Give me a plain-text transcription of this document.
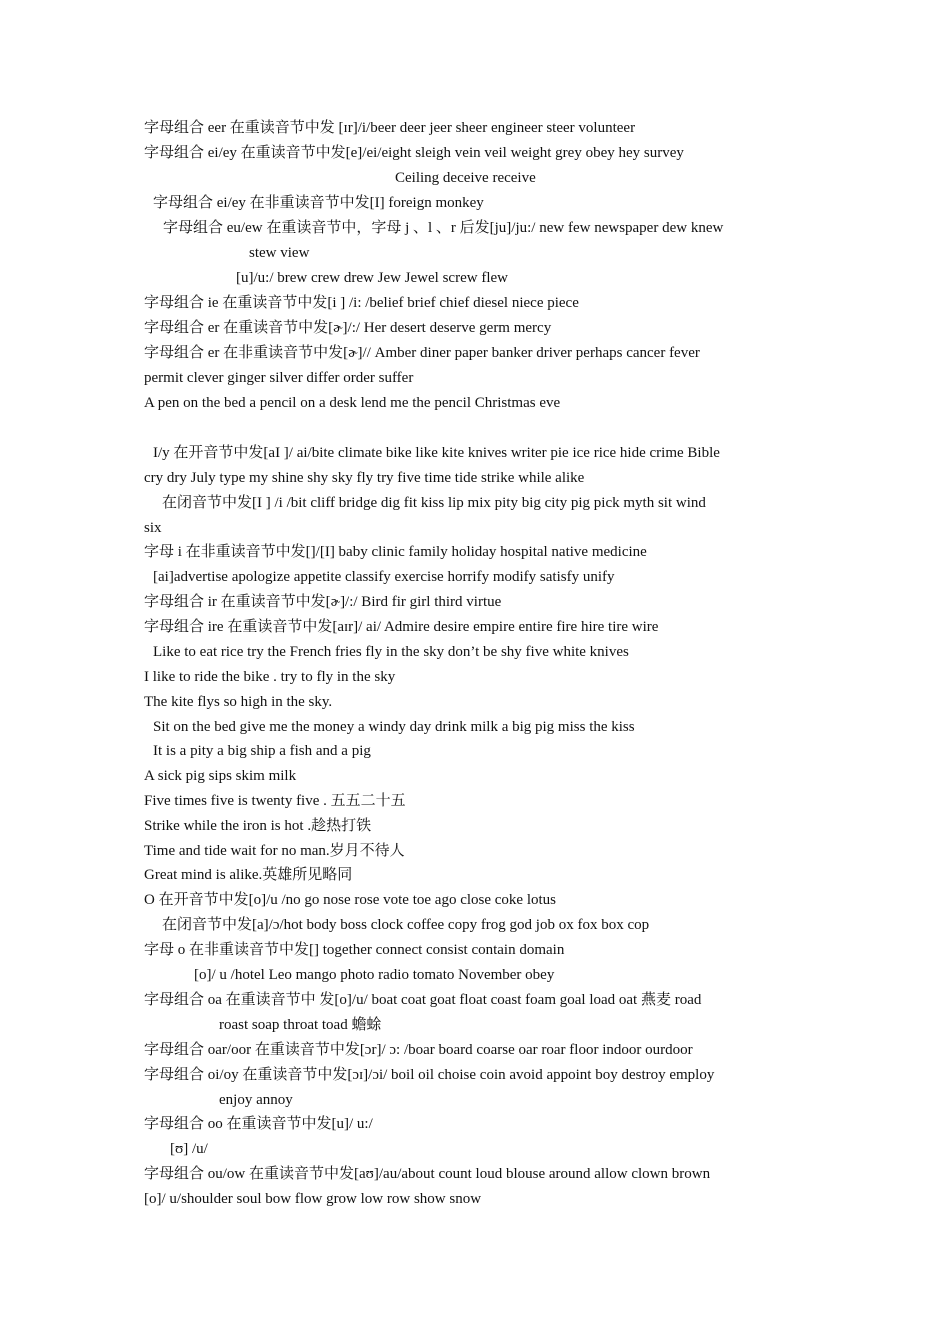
字母组合 eer 在重读音节中发 [ɪr]/i/beer deer jeer sheer engineer steer volunteer
字母组合 ei/ey 在重读音节中发[e]/ei/eight sleigh vein veil weight grey obey hey survey
Ceiling deceive receive
字母组合 ei/ey 在非重读音节中发[I] foreign monkey
字母组合 eu/ew 在重读音节中，字母 j 、l 、r 后发[ju]/ju:/ new few newspaper dew knew
stew view
[u]/u:/ brew crew drew Jew Jewel screw flew
字母组合 ie 在重读音节中发[i ] /i: /belief brief chief diesel niece piece
字母组合 er 在重读音节中发[ɚ]/:/ Her desert deserve germ mercy
字母组合 er 在非重读音节中发[ɚ]// Amber diner paper banker driver perhaps cancer fever
permit clever ginger silver differ order suffer
A pen on the bed a pencil on a desk lend me the pencil Christmas eve
I/y 在开音节中发[aI ]/ ai/bite climate bike like kite knives writer pie ice rice hide crime Bible
cry dry July type my shine shy sky fly try five time tide strike while alike
在闭音节中发[I ] /i /bit cliff bridge dig fit kiss lip mix pity big city pig pick myth sit wind
six
字母 i 在非重读音节中发[]/[I] baby clinic family holiday hospital native medicine
[ai]advertise apologize appetite classify exercise horrify modify satisfy unify
字母组合 ir 在重读音节中发[ɚ]/:/ Bird fir girl third virtue
字母组合 ire 在重读音节中发[aɪr]/ ai/ Admire desire empire entire fire hire tire wire
Like to eat rice try the French fries fly in the sky don’t be shy five white knives
I like to ride the bike . try to fly in the sky
The kite flys so high in the sky.
Sit on the bed give me the money a windy day drink milk a big pig miss the kiss
It is a pity a big ship a fish and a pig
A sick pig sips skim milk
Five times five is twenty five . 五五二十五
Strike while the iron is hot .趁热打铁
Time and tide wait for no man.岁月不待人
Great mind is alike.英雄所见略同
O 在开音节中发[o]/u /no go nose rose vote toe ago close coke lotus
在闭音节中发[a]/ɔ/hot body boss clock coffee copy frog god job ox fox box cop
字母 o 在非重读音节中发[] together connect consist contain domain
[o]/ u /hotel Leo mango photo radio tomato November obey
字母组合 oa 在重读音节中 发[o]/u/ boat coat goat float coast foam goal load oat 燕麦 road
roast soap throat toad 蟾蜍
字母组合 oar/oor 在重读音节中发[ɔr]/ ɔ: /boar board coarse oar roar floor indoor ourdoor
字母组合 oi/oy 在重读音节中发[ɔɪ]/ɔi/ boil oil choise coin avoid appoint boy destroy employ
enjoy annoy
字母组合 oo 在重读音节中发[u]/ u:/
[ʊ] /u/
字母组合 ou/ow 在重读音节中发[aʊ]/au/about count loud blouse around allow clown brown
[o]/ u/shoulder soul bow flow grow low row show snow
